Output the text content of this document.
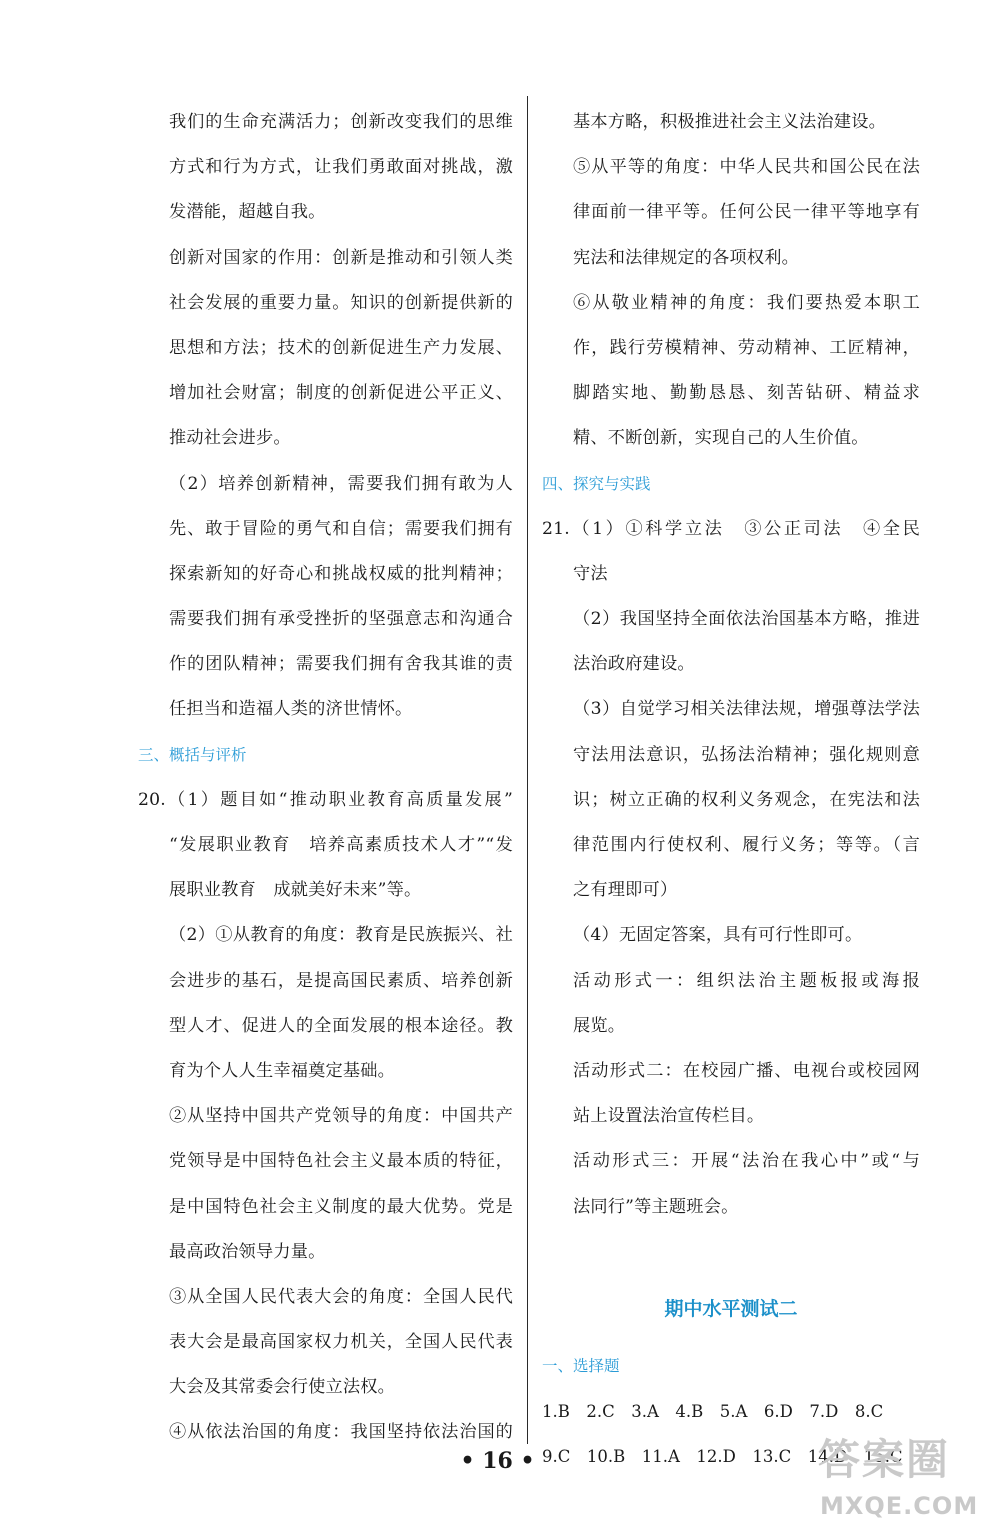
我们的生命充满活力；创新改变我们的思维
方式和行为方式，让我们勇敢面对挑战，激
发潜能，超越自我。
创新对国家的作用：创新是推动和引领人类
社会发展的重要力量。知识的创新提供新的
思想和方法；技术的创新促进生产力发展、
增加社会财富；制度的创新促进公平正义、
推动社会进步。
（2）培养创新精神，需要我们拥有敢为人
先、敢于冒险的勇气和自信；需要我们拥有
探索新知的好奇心和挑战权威的批判精神；
需要我们拥有承受挫折的坚强意志和沟通合
作的团队精神；需要我们拥有舍我其谁的责
任担当和造福人类的济世情怀。
三、概括与评析
20.（1）题目如“推动职业教育高质量发展”
“发展职业教育　培养高素质技术人才”“发
展职业教育　成就美好未来”等。
（2）①从教育的角度：教育是民族振兴、社
会进步的基石，是提高国民素质、培养创新
型人才、促进人的全面发展的根本途径。教
育为个人人生幸福奠定基础。
②从坚持中国共产党领导的角度：中国共产
党领导是中国特色社会主义最本质的特征，
是中国特色社会主义制度的最大优势。党是
最高政治领导力量。
③从全国人民代表大会的角度：全国人民代
表大会是最高国家权力机关，全国人民代表
大会及其常委会行使立法权。
④从依法治国的角度：我国坚持依法治国的
基本方略，积极推进社会主义法治建设。
⑤从平等的角度：中华人民共和国公民在法
律面前一律平等。任何公民一律平等地享有
宪法和法律规定的各项权利。
⑥从敬业精神的角度：我们要热爱本职工
作，践行劳模精神、劳动精神、工匠精神，
脚踏实地、勤勤恳恳、刻苦钻研、精益求
精、不断创新，实现自己的人生价值。
四、探究与实践
21.（1）①科学立法　③公正司法　④全民
守法
（2）我国坚持全面依法治国基本方略，推进
法治政府建设。
（3）自觉学习相关法律法规，增强尊法学法
守法用法意识，弘扬法治精神；强化规则意
识；树立正确的权利义务观念，在宪法和法
律范围内行使权利、履行义务；等等。（言
之有理即可）
（4）无固定答案，具有可行性即可。
活动形式一：组织法治主题板报或海报
展览。
活动形式二：在校园广播、电视台或校园网
站上设置法治宣传栏目。
活动形式三：开展“法治在我心中”或“与
法同行”等主题班会。
期中水平测试二
一、选择题
1.B　2.C　3.A　4.B　5.A　6.D　7.D　8.C
9.C　10.B　11.A　12.D　13.C　14.D　15.C
• 16 •	答案圈
MXQE.COM
